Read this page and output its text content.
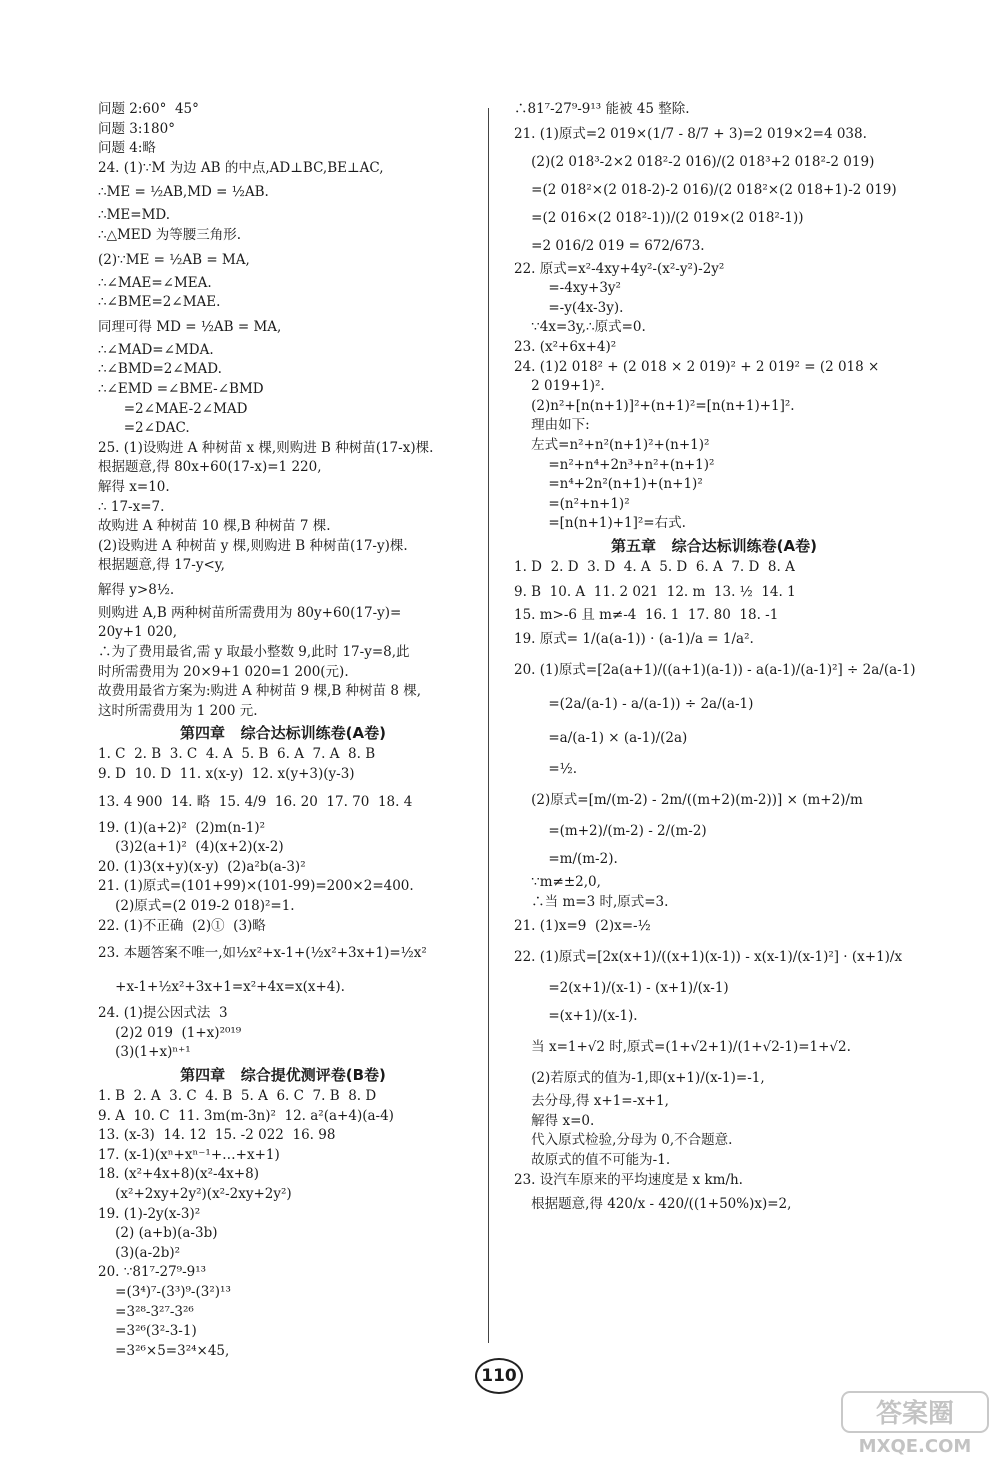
问题 2:60°  45°
问题 3:180°
问题 4:略
24. (1)∵M 为边 AB 的中点,AD⊥BC,BE⊥AC,
∴ME = ½AB,MD = ½AB.
∴ME=MD.
∴△MED 为等腰三角形.
(2)∵ME = ½AB = MA,
∴∠MAE=∠MEA.
∴∠BME=2∠MAE.
同理可得 MD = ½AB = MA,
∴∠MAD=∠MDA.
∴∠BMD=2∠MAD.
∴∠EMD =∠BME-∠BMD
=2∠MAE-2∠MAD
=2∠DAC.
25. (1)设购进 A 种树苗 x 棵,则购进 B 种树苗(17-x)棵.
根据题意,得 80x+60(17-x)=1 220,
解得 x=10.
∴ 17-x=7.
故购进 A 种树苗 10 棵,B 种树苗 7 棵.
(2)设购进 A 种树苗 y 棵,则购进 B 种树苗(17-y)棵.
根据题意,得 17-y<y,
解得 y>8½.
则购进 A,B 两种树苗所需费用为 80y+60(17-y)=
20y+1 020,
∴为了费用最省,需 y 取最小整数 9,此时 17-y=8,此
时所需费用为 20×9+1 020=1 200(元).
故费用最省方案为:购进 A 种树苗 9 棵,B 种树苗 8 棵,
这时所需费用为 1 200 元.
第四章   综合达标训练卷(A卷)
1. C  2. B  3. C  4. A  5. B  6. A  7. A  8. B
9. D  10. D  11. x(x-y)  12. x(y+3)(y-3)
13. 4 900  14. 略  15. 4/9  16. 20  17. 70  18. 4
19. (1)(a+2)²  (2)m(n-1)²
(3)2(a+1)²  (4)(x+2)(x-2)
20. (1)3(x+y)(x-y)  (2)a²b(a-3)²
21. (1)原式=(101+99)×(101-99)=200×2=400.
(2)原式=(2 019-2 018)²=1.
22. (1)不正确  (2)①  (3)略
23. 本题答案不唯一,如½x²+x-1+(½x²+3x+1)=½x²
+x-1+½x²+3x+1=x²+4x=x(x+4).
24. (1)提公因式法  3
(2)2 019  (1+x)²⁰¹⁹
(3)(1+x)ⁿ⁺¹
第四章   综合提优测评卷(B卷)
1. B  2. A  3. C  4. B  5. A  6. C  7. B  8. D
9. A  10. C  11. 3m(m-3n)²  12. a²(a+4)(a-4)
13. (x-3)  14. 12  15. -2 022  16. 98
17. (x-1)(xⁿ+xⁿ⁻¹+…+x+1)
18. (x²+4x+8)(x²-4x+8)
(x²+2xy+2y²)(x²-2xy+2y²)
19. (1)-2y(x-3)²
(2) (a+b)(a-3b)
(3)(a-2b)²
20. ∵81⁷-27⁹-9¹³
=(3⁴)⁷-(3³)⁹-(3²)¹³
=3²⁸-3²⁷-3²⁶
=3²⁶(3²-3-1)
=3²⁶×5=3²⁴×45,
∴81⁷-27⁹-9¹³ 能被 45 整除.
21. (1)原式=2 019×(1/7 - 8/7 + 3)=2 019×2=4 038.
(2)(2 018³-2×2 018²-2 016)/(2 018³+2 018²-2 019)
=(2 018²×(2 018-2)-2 016)/(2 018²×(2 018+1)-2 019)
=(2 016×(2 018²-1))/(2 019×(2 018²-1))
=2 016/2 019 = 672/673.
22. 原式=x²-4xy+4y²-(x²-y²)-2y²
=-4xy+3y²
=-y(4x-3y).
∵4x=3y,∴原式=0.
23. (x²+6x+4)²
24. (1)2 018² + (2 018 × 2 019)² + 2 019² = (2 018 ×
2 019+1)².
(2)n²+[n(n+1)]²+(n+1)²=[n(n+1)+1]².
理由如下:
左式=n²+n²(n+1)²+(n+1)²
=n²+n⁴+2n³+n²+(n+1)²
=n⁴+2n²(n+1)+(n+1)²
=(n²+n+1)²
=[n(n+1)+1]²=右式.
第五章   综合达标训练卷(A卷)
1. D  2. D  3. D  4. A  5. D  6. A  7. D  8. A
9. B  10. A  11. 2 021  12. m  13. ½  14. 1
15. m>-6 且 m≠-4  16. 1  17. 80  18. -1
19. 原式= 1/(a(a-1)) · (a-1)/a = 1/a².
20. (1)原式=[2a(a+1)/((a+1)(a-1)) - a(a-1)/(a-1)²] ÷ 2a/(a-1)
=(2a/(a-1) - a/(a-1)) ÷ 2a/(a-1)
=a/(a-1) × (a-1)/(2a)
=½.
(2)原式=[m/(m-2) - 2m/((m+2)(m-2))] × (m+2)/m
=(m+2)/(m-2) - 2/(m-2)
=m/(m-2).
∵m≠±2,0,
∴当 m=3 时,原式=3.
21. (1)x=9  (2)x=-½
22. (1)原式=[2x(x+1)/((x+1)(x-1)) - x(x-1)/(x-1)²] · (x+1)/x
=2(x+1)/(x-1) - (x+1)/(x-1)
=(x+1)/(x-1).
当 x=1+√2 时,原式=(1+√2+1)/(1+√2-1)=1+√2.
(2)若原式的值为-1,即(x+1)/(x-1)=-1,
去分母,得 x+1=-x+1,
解得 x=0.
代入原式检验,分母为 0,不合题意.
故原式的值不可能为-1.
23. 设汽车原来的平均速度是 x km/h.
根据题意,得 420/x - 420/((1+50%)x)=2,
110
答案圈
MXQE.COM
